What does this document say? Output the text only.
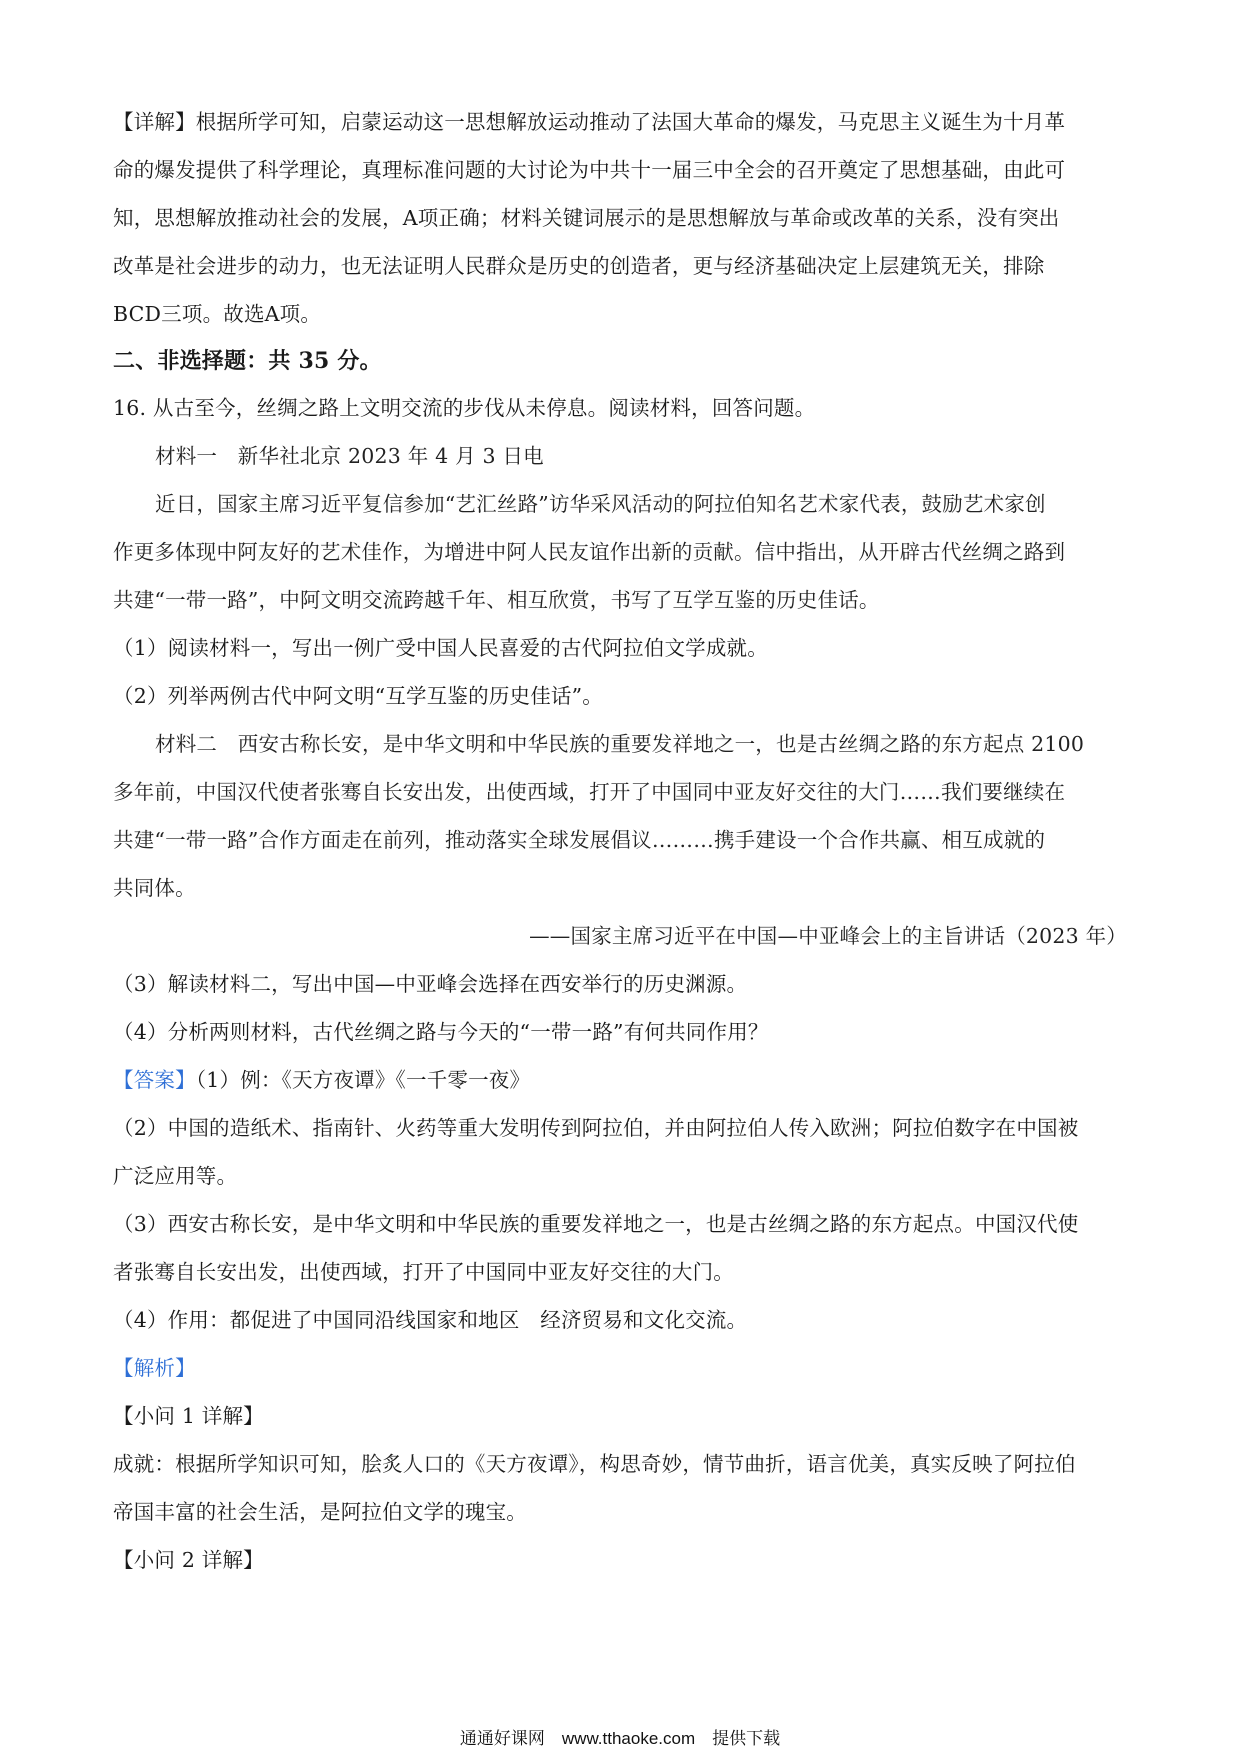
【详解】根据所学可知，启蒙运动这一思想解放运动推动了法国大革命的爆发，马克思主义诞生为十月革

命的爆发提供了科学理论，真理标准问题的大讨论为中共十一届三中全会的召开奠定了思想基础，由此可

知，思想解放推动社会的发展，A项正确；材料关键词展示的是思想解放与革命或改革的关系，没有突出

改革是社会进步的动力，也无法证明人民群众是历史的创造者，更与经济基础决定上层建筑无关，排除

BCD三项。故选A项。

二、非选择题：共 35 分。

16. 从古至今，丝绸之路上文明交流的步伐从未停息。阅读材料，回答问题。

材料一　新华社北京 2023 年 4 月 3 日电

近日，国家主席习近平复信参加“艺汇丝路”访华采风活动的阿拉伯知名艺术家代表，鼓励艺术家创

作更多体现中阿友好的艺术佳作，为增进中阿人民友谊作出新的贡献。信中指出，从开辟古代丝绸之路到

共建“一带一路”，中阿文明交流跨越千年、相互欣赏，书写了互学互鉴的历史佳话。

（1）阅读材料一，写出一例广受中国人民喜爱的古代阿拉伯文学成就。

（2）列举两例古代中阿文明“互学互鉴的历史佳话”。

材料二　西安古称长安，是中华文明和中华民族的重要发祥地之一，也是古丝绸之路的东方起点 2100

多年前，中国汉代使者张骞自长安出发，出使西域，打开了中国同中亚友好交往的大门……我们要继续在

共建“一带一路”合作方面走在前列，推动落实全球发展倡议………携手建设一个合作共赢、相互成就的

共同体。

——国家主席习近平在中国—中亚峰会上的主旨讲话（2023 年）

（3）解读材料二，写出中国—中亚峰会选择在西安举行的历史渊源。

（4）分析两则材料，古代丝绸之路与今天的“一带一路”有何共同作用？

【答案】（1）例：《天方夜谭》《一千零一夜》

（2）中国的造纸术、指南针、火药等重大发明传到阿拉伯，并由阿拉伯人传入欧洲；阿拉伯数字在中国被

广泛应用等。

（3）西安古称长安，是中华文明和中华民族的重要发祥地之一，也是古丝绸之路的东方起点。中国汉代使

者张骞自长安出发，出使西域，打开了中国同中亚友好交往的大门。

（4）作用：都促进了中国同沿线国家和地区　经济贸易和文化交流。

【解析】

【小问 1 详解】

成就：根据所学知识可知，脍炙人口的《天方夜谭》，构思奇妙，情节曲折，语言优美，真实反映了阿拉伯

帝国丰富的社会生活，是阿拉伯文学的瑰宝。

【小问 2 详解】

通通好课网　www.tthaoke.com　提供下载
